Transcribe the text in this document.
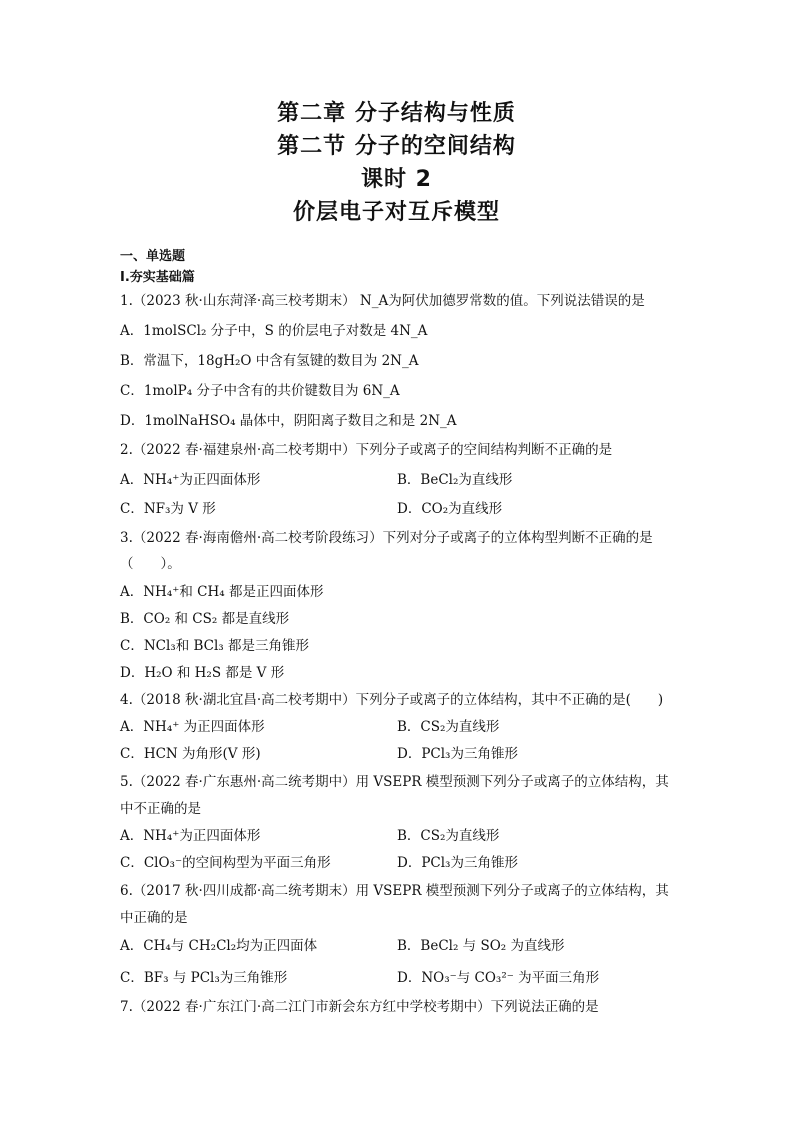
第二章 分子结构与性质
第二节 分子的空间结构
课时 2
价层电子对互斥模型
一、单选题
Ⅰ.夯实基础篇
1.（2023 秋·山东菏泽·高三校考期末） N_A为阿伏加德罗常数的值。下列说法错误的是
A．1molSCl₂ 分子中，S 的价层电子对数是 4N_A
B．常温下，18gH₂O 中含有氢键的数目为 2N_A
C．1molP₄ 分子中含有的共价键数目为 6N_A
D．1molNaHSO₄ 晶体中，阴阳离子数目之和是 2N_A
2.（2022 春·福建泉州·高二校考期中）下列分子或离子的空间结构判断不正确的是
A．NH₄⁺为正四面体形	B．BeCl₂为直线形
C．NF₃为 V 形	D．CO₂为直线形
3.（2022 春·海南儋州·高二校考阶段练习）下列对分子或离子的立体构型判断不正确的是
（　　）。
A．NH₄⁺和 CH₄ 都是正四面体形
B．CO₂ 和 CS₂ 都是直线形
C．NCl₃和 BCl₃ 都是三角锥形
D．H₂O 和 H₂S 都是 V 形
4.（2018 秋·湖北宜昌·高二校考期中）下列分子或离子的立体结构，其中不正确的是(　　)
A．NH₄⁺ 为正四面体形	B．CS₂为直线形
C．HCN 为角形(V 形)	D．PCl₃为三角锥形
5.（2022 春·广东惠州·高二统考期中）用 VSEPR 模型预测下列分子或离子的立体结构，其
中不正确的是
A．NH₄⁺为正四面体形	B．CS₂为直线形
C．ClO₃⁻的空间构型为平面三角形	D．PCl₃为三角锥形
6.（2017 秋·四川成都·高二统考期末）用 VSEPR 模型预测下列分子或离子的立体结构，其
中正确的是
A．CH₄与 CH₂Cl₂均为正四面体	B．BeCl₂ 与 SO₂ 为直线形
C．BF₃ 与 PCl₃为三角锥形	D．NO₃⁻与 CO₃²⁻ 为平面三角形
7.（2022 春·广东江门·高二江门市新会东方红中学校考期中）下列说法正确的是
